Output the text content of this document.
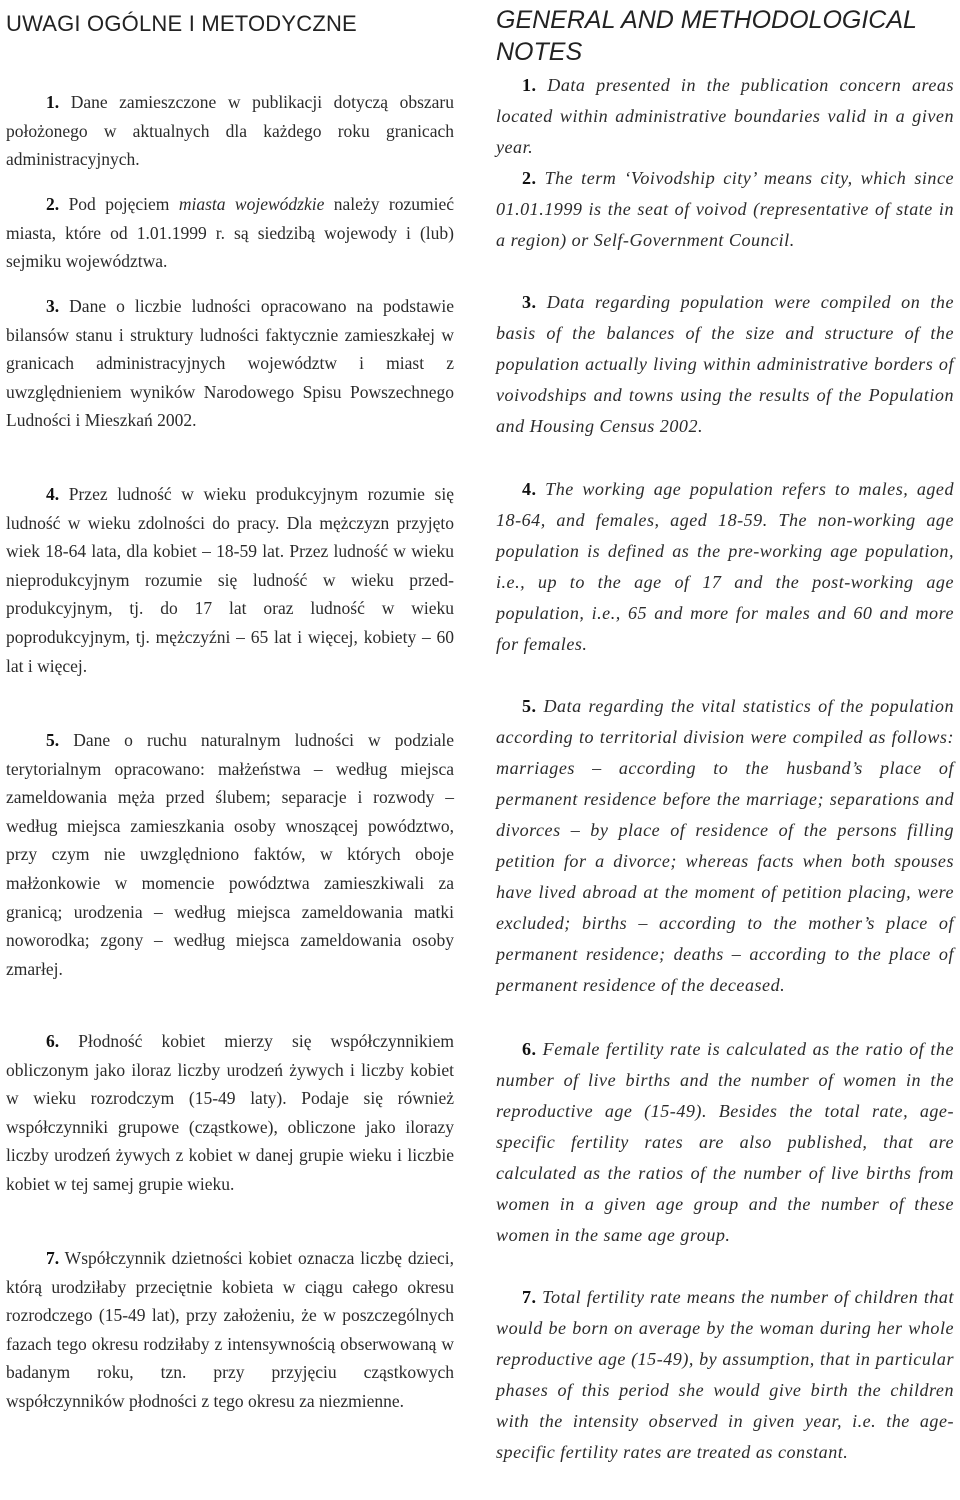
UWAGI OGÓLNE I METODYCZNE

1. Dane zamieszczone w publikacji dotyczą obszaru położonego w aktualnych dla każdego roku granicach administracyjnych.

2. Pod pojęciem miasta wojewódzkie należy rozumieć miasta, które od 1.01.1999 r. są siedzibą wojewody i (lub) sejmiku województwa.

3. Dane o liczbie ludności opracowano na podstawie bilansów stanu i struktury ludności faktycznie zamieszkałej w granicach administracyjnych województw i miast z uwzględnieniem wyników Narodowego Spisu Powszechnego Ludności i Mieszkań 2002.

4. Przez ludność w wieku produkcyjnym rozumie się ludność w wieku zdolności do pracy. Dla mężczyzn przyjęto wiek 18-64 lata, dla kobiet – 18-59 lat. Przez ludność w wieku nieprodukcyjnym rozumie się ludność w wieku przedprodukcyjnym, tj. do 17 lat oraz ludność w wieku poprodukcyjnym, tj. mężczyźni – 65 lat i więcej, kobiety – 60 lat i więcej.

5. Dane o ruchu naturalnym ludności w podziale terytorialnym opracowano: małżeństwa – według miejsca zameldowania męża przed ślubem; separacje i rozwody – według miejsca zamieszkania osoby wnoszącej powództwo, przy czym nie uwzględniono faktów, w których oboje małżonkowie w momencie powództwa zamieszkiwali za granicą; urodzenia – według miejsca zameldowania matki noworodka; zgony – według miejsca zameldowania osoby zmarłej.

6. Płodność kobiet mierzy się współczynnikiem obliczonym jako iloraz liczby urodzeń żywych i liczby kobiet w wieku rozrodczym (15-49 laty). Podaje się również współczynniki grupowe (cząstkowe), obliczone jako ilorazy liczby urodzeń żywych z kobiet w danej grupie wieku i liczbie kobiet w tej samej grupie wieku.

7. Współczynnik dzietności kobiet oznacza liczbę dzieci, którą urodziłaby przeciętnie kobieta w ciągu całego okresu rozrodczego (15-49 lat), przy założeniu, że w poszczególnych fazach tego okresu rodziłaby z intensywnością obserwowaną w badanym roku, tzn. przy przyjęciu cząstkowych współczynników płodności z tego okresu za niezmienne.

GENERAL AND METHODOLOGICAL NOTES

1. Data presented in the publication concern areas located within administrative boundaries valid in a given year.

2. The term ‘Voivodship city’ means city, which since 01.01.1999 is the seat of voivod (representative of state in a region) or Self-Government Council.

3. Data regarding population were compiled on the basis of the balances of the size and structure of the population actually living within administrative borders of voivodships and towns using the results of the Population and Housing Census 2002.

4. The working age population refers to males, aged 18-64, and females, aged 18-59. The non-working age population is defined as the pre-working age population, i.e., up to the age of 17 and the post-working age population, i.e., 65 and more for males and 60 and more for females.

5. Data regarding the vital statistics of the population according to territorial division were compiled as follows: marriages – according to the husband’s place of permanent residence before the marriage; separations and divorces – by place of residence of the persons filling petition for a divorce; whereas facts when both spouses have lived abroad at the moment of petition placing, were excluded; births – according to the mother’s place of permanent residence; deaths – according to the place of permanent residence of the deceased.

6. Female fertility rate is calculated as the ratio of the number of live births and the number of women in the reproductive age (15-49). Besides the total rate, age-specific fertility rates are also published, that are calculated as the ratios of the number of live births from women in a given age group and the number of these women in the same age group.

7. Total fertility rate means the number of children that would be born on average by the woman during her whole reproductive age (15-49), by assumption, that in particular phases of this period she would give birth the children with the intensity observed in given year, i.e. the age-specific fertility rates are treated as constant.
